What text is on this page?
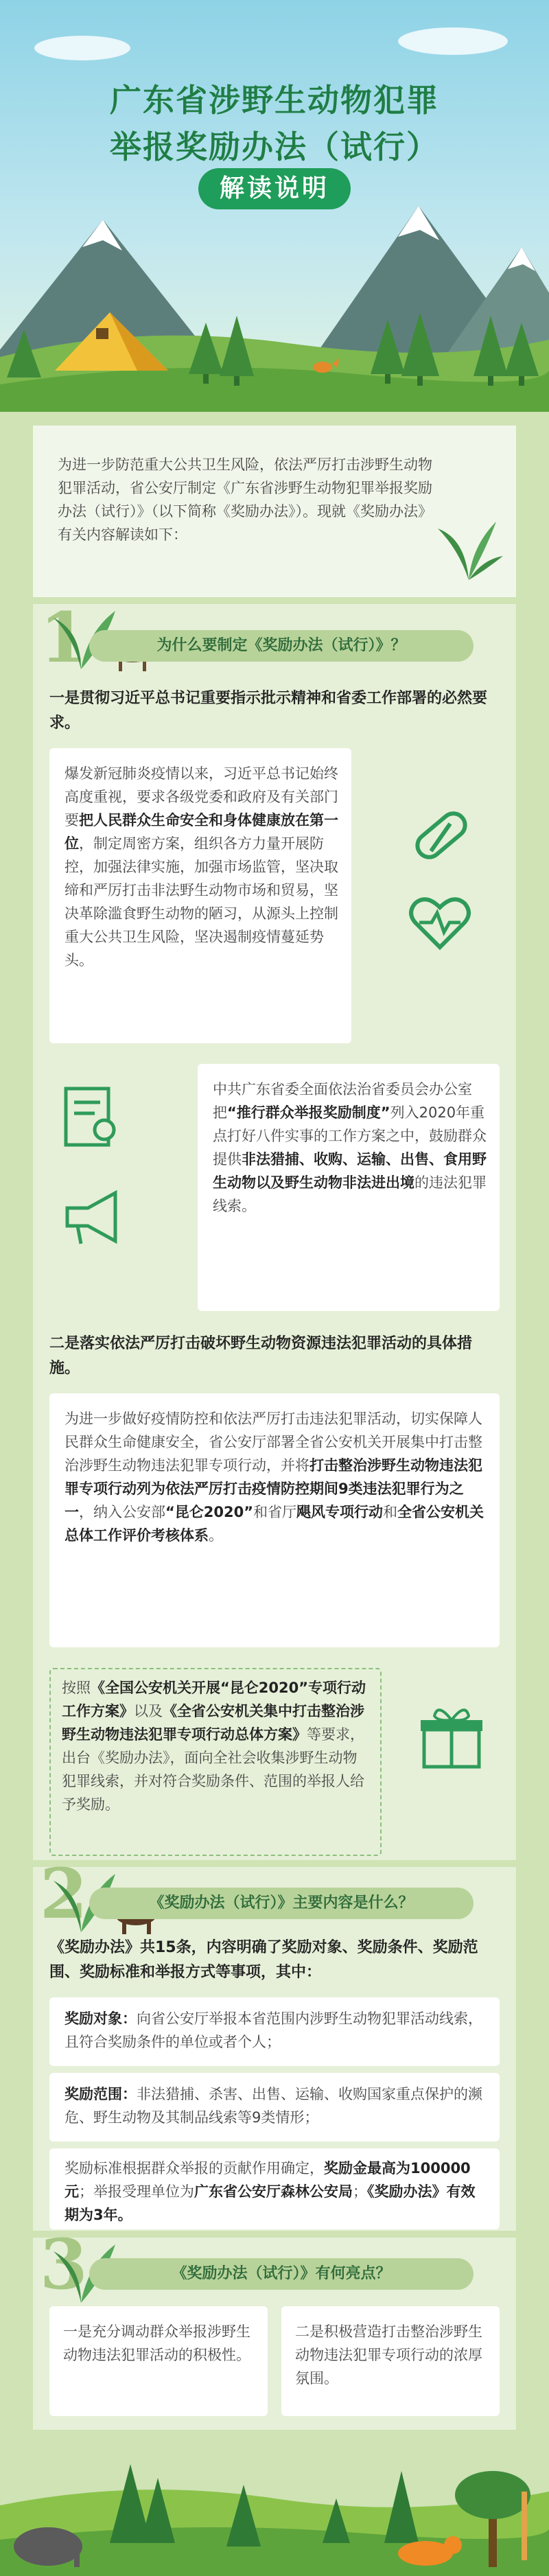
广东省涉野生动物犯罪
举报奖励办法（试行）
解读说明
为进一步防范重大公共卫生风险，依法严厉打击涉野生动物犯罪活动，省公安厅制定《广东省涉野生动物犯罪举报奖励办法（试行）》（以下简称《奖励办法》）。现就《奖励办法》有关内容解读如下：
1	为什么要制定《奖励办法（试行）》？
一是贯彻习近平总书记重要指示批示精神和省委工作部署的必然要求。
爆发新冠肺炎疫情以来，习近平总书记始终高度重视，要求各级党委和政府及有关部门要把人民群众生命安全和身体健康放在第一位，制定周密方案，组织各方力量开展防控，加强法律实施，加强市场监管，坚决取缔和严厉打击非法野生动物市场和贸易，坚决革除滥食野生动物的陋习，从源头上控制重大公共卫生风险，坚决遏制疫情蔓延势头。
中共广东省委全面依法治省委员会办公室把“推行群众举报奖励制度”列入2020年重点打好八件实事的工作方案之中，鼓励群众提供非法猎捕、收购、运输、出售、食用野生动物以及野生动物非法进出境的违法犯罪线索。
二是落实依法严厉打击破坏野生动物资源违法犯罪活动的具体措施。
为进一步做好疫情防控和依法严厉打击违法犯罪活动，切实保障人民群众生命健康安全，省公安厅部署全省公安机关开展集中打击整治涉野生动物违法犯罪专项行动，并将打击整治涉野生动物违法犯罪专项行动列为依法严厉打击疫情防控期间9类违法犯罪行为之一，纳入公安部“昆仑2020”和省厅飓风专项行动和全省公安机关总体工作评价考核体系。
按照《全国公安机关开展“昆仑2020”专项行动工作方案》以及《全省公安机关集中打击整治涉野生动物违法犯罪专项行动总体方案》等要求，出台《奖励办法》，面向全社会收集涉野生动物犯罪线索，并对符合奖励条件、范围的举报人给予奖励。
2	《奖励办法（试行）》主要内容是什么？
《奖励办法》共15条，内容明确了奖励对象、奖励条件、奖励范围、奖励标准和举报方式等事项，其中：
奖励对象：向省公安厅举报本省范围内涉野生动物犯罪活动线索，且符合奖励条件的单位或者个人；
奖励范围：非法猎捕、杀害、出售、运输、收购国家重点保护的濒危、野生动物及其制品线索等9类情形；
奖励标准根据群众举报的贡献作用确定，奖励金最高为100000元；举报受理单位为广东省公安厅森林公安局；《奖励办法》有效期为3年。
3	《奖励办法（试行）》有何亮点？
一是充分调动群众举报涉野生动物违法犯罪活动的积极性。
二是积极营造打击整治涉野生动物违法犯罪专项行动的浓厚氛围。
